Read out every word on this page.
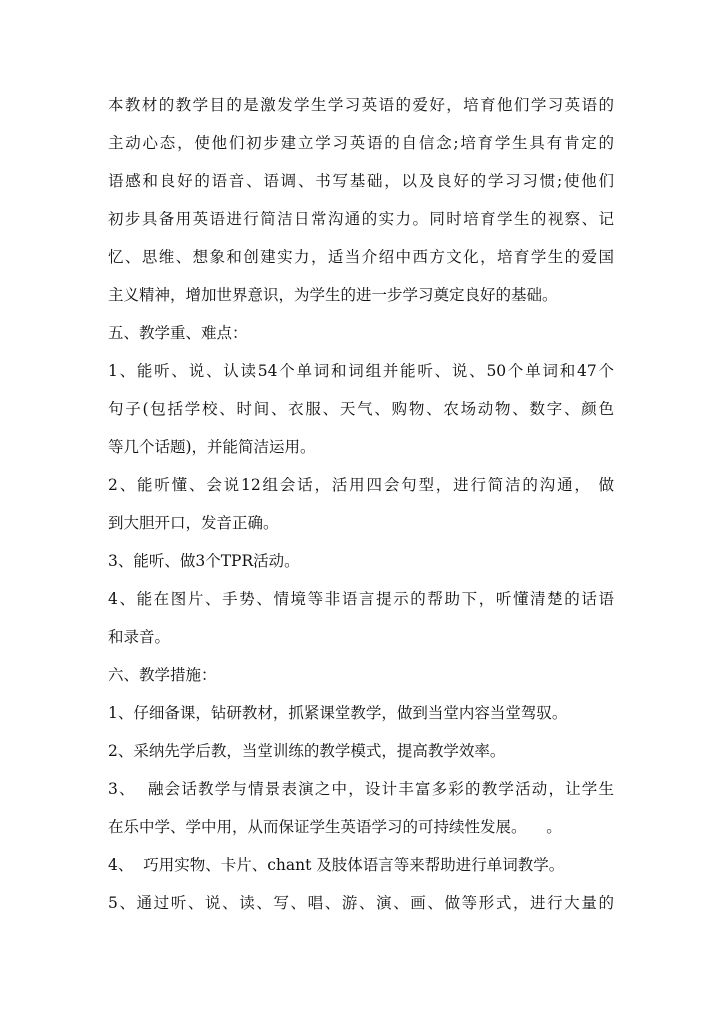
本教材的教学目的是激发学生学习英语的爱好，培育他们学习英语的
主动心态，使他们初步建立学习英语的自信念;培育学生具有肯定的
语感和良好的语音、语调、书写基础，以及良好的学习习惯;使他们
初步具备用英语进行简洁日常沟通的实力。同时培育学生的视察、记
忆、思维、想象和创建实力，适当介绍中西方文化，培育学生的爱国
主义精神，增加世界意识，为学生的进一步学习奠定良好的基础。
五、教学重、难点：
1、能听、说、认读54个单词和词组并能听、说、50个单词和47个
句子(包括学校、时间、衣服、天气、购物、农场动物、数字、颜色
等几个话题)，并能简洁运用。
2、能听懂、会说12组会话，活用四会句型，进行简洁的沟通， 做
到大胆开口，发音正确。
3、能听、做3个TPR活动。
4、能在图片、手势、情境等非语言提示的帮助下，听懂清楚的话语
和录音。
六、教学措施：
1、仔细备课，钻研教材，抓紧课堂教学，做到当堂内容当堂驾驭。
2、采纳先学后教，当堂训练的教学模式，提高教学效率。
3、  融会话教学与情景表演之中，设计丰富多彩的教学活动，让学生
在乐中学、学中用，从而保证学生英语学习的可持续性发展。    。
4、  巧用实物、卡片、chant 及肢体语言等来帮助进行单词教学。
5、通过听、说、读、写、唱、游、演、画、做等形式，进行大量的
